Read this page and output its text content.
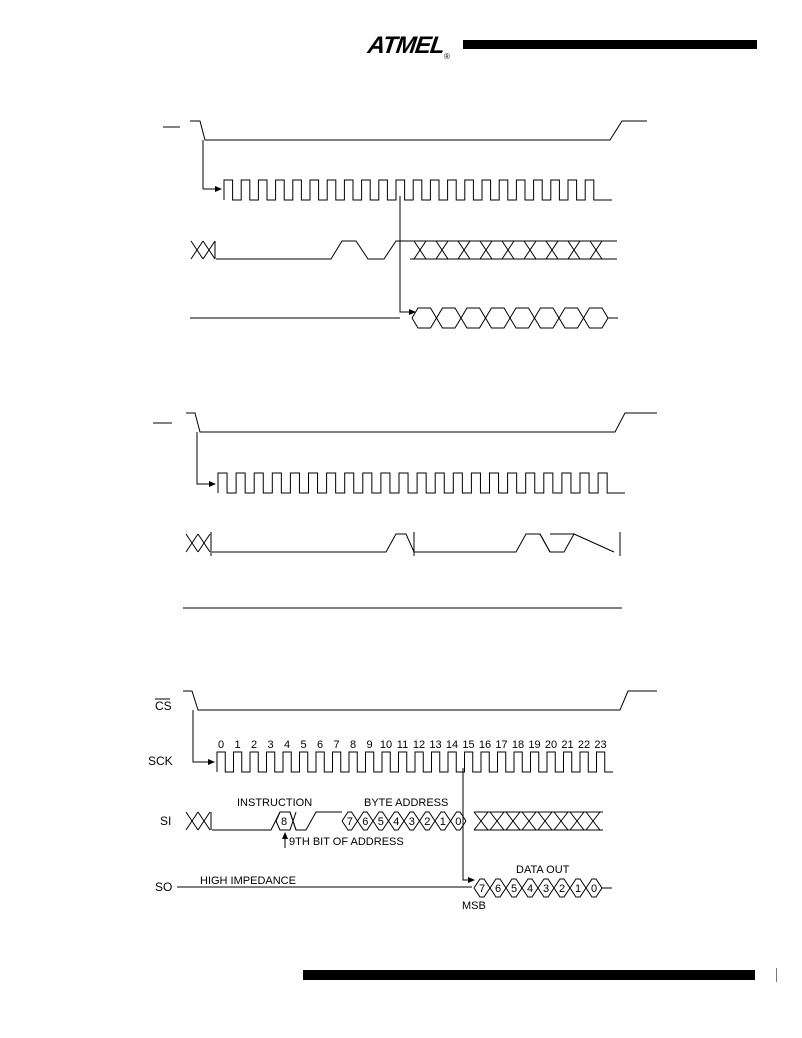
ATMEL
®
CS
SCK
SI
SO
INSTRUCTION	BYTE ADDRESS
DATA OUT
HIGH IMPEDANCE
9TH BIT OF ADDRESS
MSB
8
0 1 2 3 4 5 6 7 8 9 10 11 12 13 14 15 16 17 18 19 20 21 22 23
7 6 5 4 3 2 1 0
7 6 5 4 3 2 1 0
